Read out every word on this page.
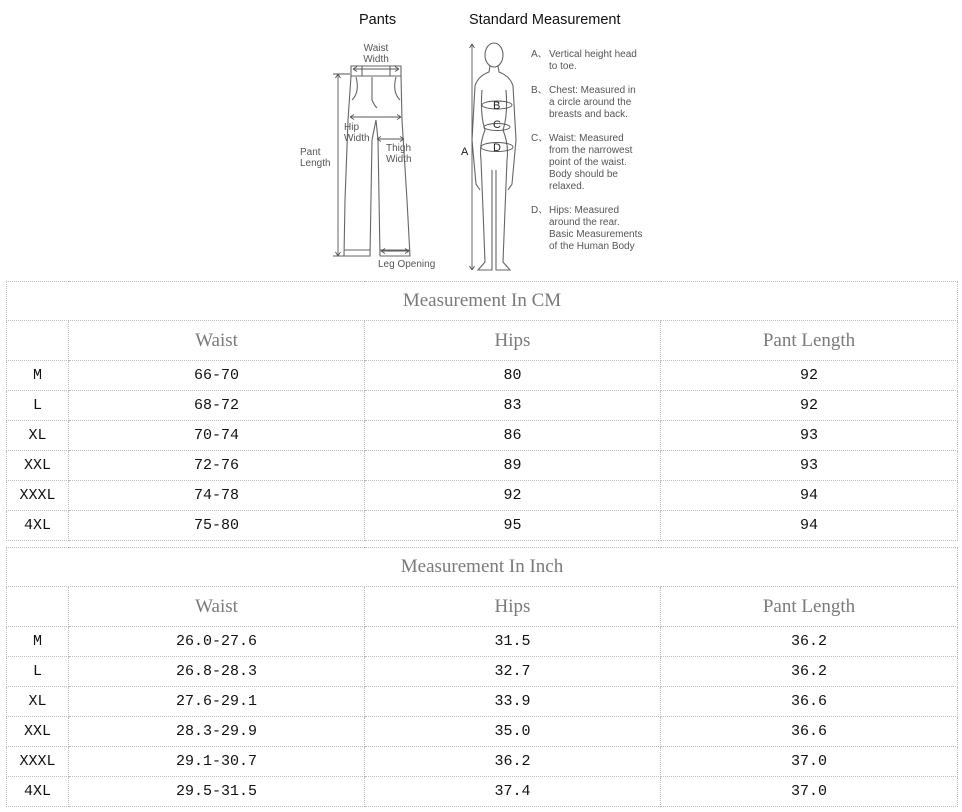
Pants	Standard Measurement
Waist
Width
Hip
Width
Thigh
Width
Pant
Length
Leg Opening
A
B
C
D
A、 Vertical height head
to toe.
B、 Chest: Measured in
a circle around the
breasts and back.
C、 Waist: Measured
from the narrowest
point of the waist.
Body should be
relaxed.
D、 Hips: Measured
around the rear.
Basic Measurements
of the Human Body
Measurement In CM			
	Waist	Hips	Pant Length
M	66-70	80	92
L	68-72	83	92
XL	70-74	86	93
XXL	72-76	89	93
XXXL	74-78	92	94
4XL	75-80	95	94
Measurement In Inch			
	Waist	Hips	Pant Length
M	26.0-27.6	31.5	36.2
L	26.8-28.3	32.7	36.2
XL	27.6-29.1	33.9	36.6
XXL	28.3-29.9	35.0	36.6
XXXL	29.1-30.7	36.2	37.0
4XL	29.5-31.5	37.4	37.0
